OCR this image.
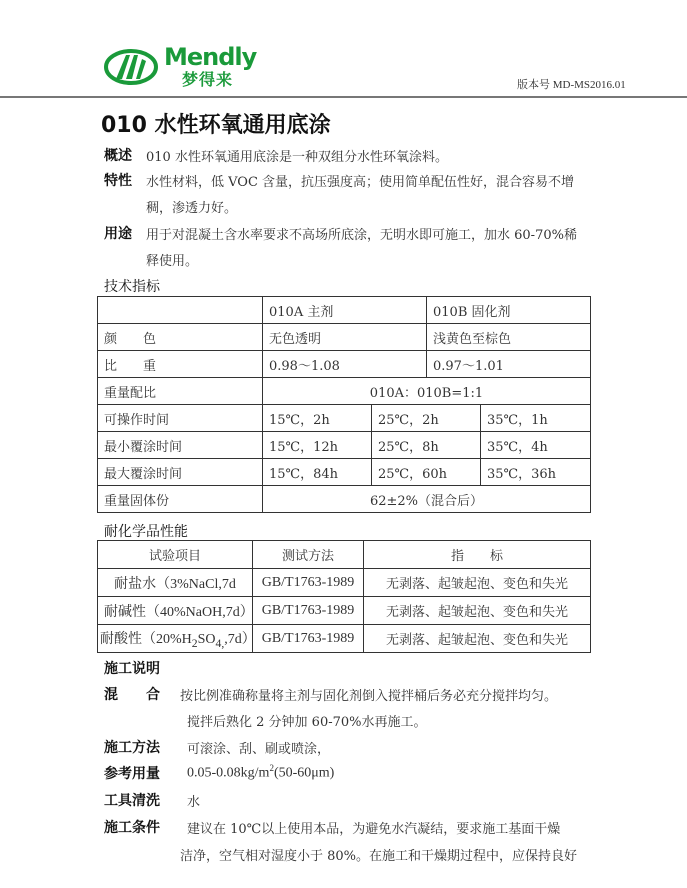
Mendly
梦得来	版本号 MD-MS2016.01
010 水性环氧通用底涂
概述 010 水性环氧通用底涂是一种双组分水性环氧涂料。
特性 水性材料，低 VOC 含量，抗压强度高；使用简单配伍性好，混合容易不增
稠，渗透力好。
用途 用于对混凝土含水率要求不高场所底涂，无明水即可施工，加水 60-70%稀
释使用。
技术指标
	010A 主剂		010B 固化剂	
颜　　色	无色透明		浅黄色至棕色	
比　　重	0.98～1.08		0.97～1.01	
重量配比	010A：010B=1:1			
可操作时间	15℃，2h	25℃，2h		35℃，1h
最小覆涂时间	15℃，12h	25℃，8h		35℃，4h
最大覆涂时间	15℃，84h	25℃，60h		35℃，36h
重量固体份	62±2%（混合后）			
耐化学品性能
试验项目	测试方法	指　　标
耐盐水（3%NaCl,7d	GB/T1763-1989	无剥落、起皱起泡、变色和失光
耐碱性（40%NaOH,7d）	GB/T1763-1989	无剥落、起皱起泡、变色和失光
耐酸性$(20\%H_2SO_{4,},7d)$	GB/T1763-1989	无剥落、起皱起泡、变色和失光
施工说明
混　　合 按比例准确称量将主剂与固化剂倒入搅拌桶后务必充分搅拌均匀。
搅拌后熟化 2 分钟加 60-70%水再施工。
施工方法 可滚涂、刮、刷或喷涂，
参考用量 $0.05-0.08kg/m^2(50-60\mu m)$
工具清洗 水
施工条件 建议在 10℃以上使用本品，为避免水汽凝结，要求施工基面干燥
洁净，空气相对湿度小于 80%。在施工和干燥期过程中，应保持良好
